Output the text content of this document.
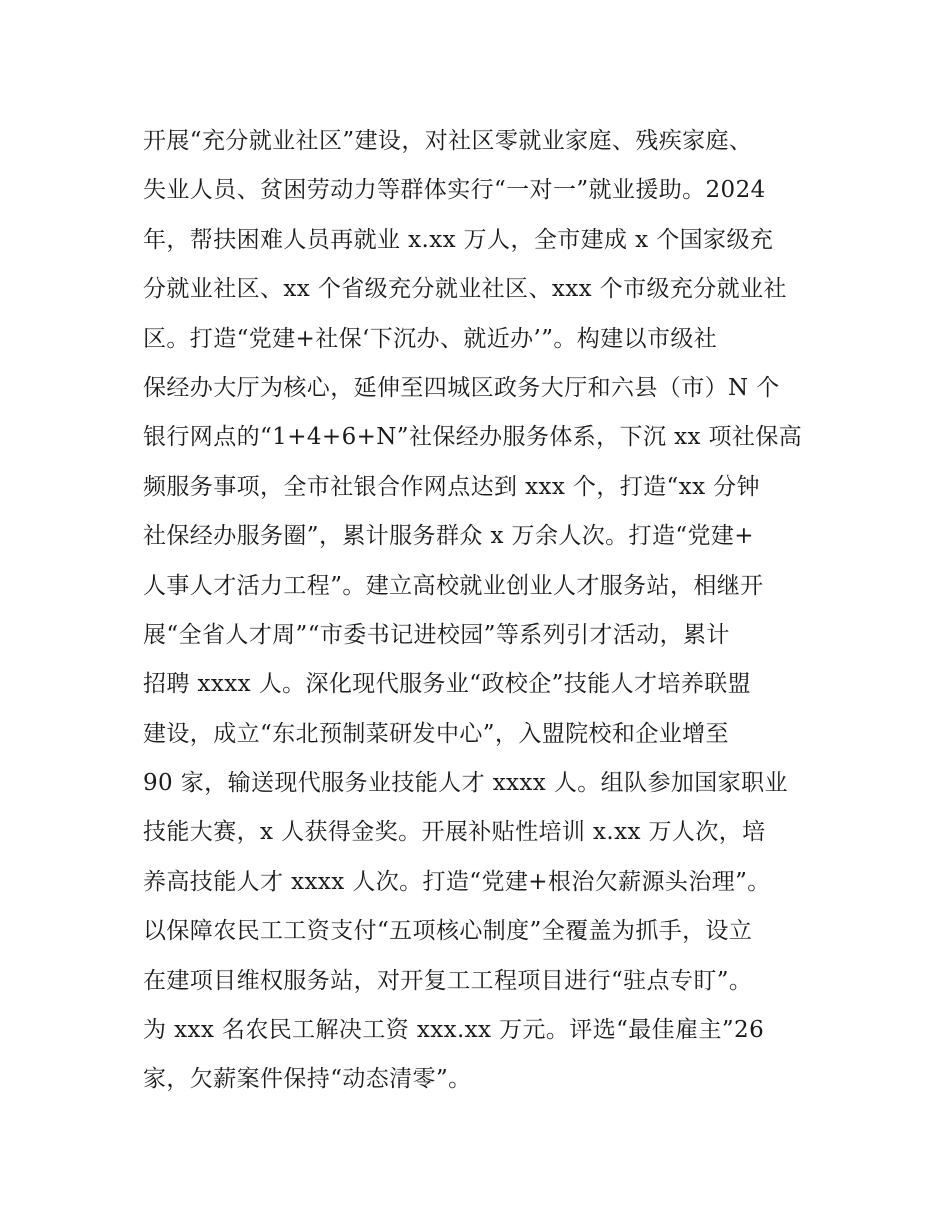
开展“充分就业社区”建设，对社区零就业家庭、残疾家庭、
失业人员、贫困劳动力等群体实行“一对一”就业援助。2024
年，帮扶困难人员再就业 x.xx 万人，全市建成 x 个国家级充
分就业社区、xx 个省级充分就业社区、xxx 个市级充分就业社
区。打造“党建+社保‘下沉办、就近办’”。构建以市级社
保经办大厅为核心，延伸至四城区政务大厅和六县（市）N 个
银行网点的“1+4+6+N”社保经办服务体系，下沉 xx 项社保高
频服务事项，全市社银合作网点达到 xxx 个，打造“xx 分钟
社保经办服务圈”，累计服务群众 x 万余人次。打造“党建+
人事人才活力工程”。建立高校就业创业人才服务站，相继开
展“全省人才周”“市委书记进校园”等系列引才活动，累计
招聘 xxxx 人。深化现代服务业“政校企”技能人才培养联盟
建设，成立“东北预制菜研发中心”，入盟院校和企业增至
90 家，输送现代服务业技能人才 xxxx 人。组队参加国家职业
技能大赛，x 人获得金奖。开展补贴性培训 x.xx 万人次，培
养高技能人才 xxxx 人次。打造“党建+根治欠薪源头治理”。
以保障农民工工资支付“五项核心制度”全覆盖为抓手，设立
在建项目维权服务站，对开复工工程项目进行“驻点专盯”。
为 xxx 名农民工解决工资 xxx.xx 万元。评选“最佳雇主”26
家，欠薪案件保持“动态清零”。
